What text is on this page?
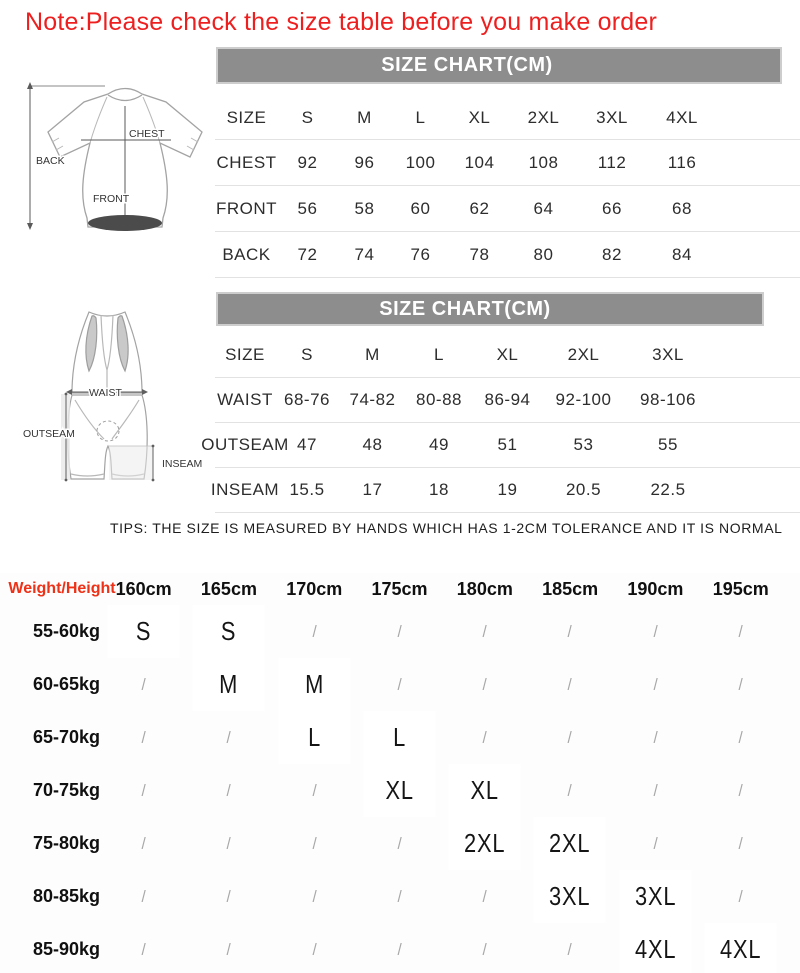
Note:Please check the size table before you make order
BACK
CHEST
FRONT
SIZE CHART(CM)
SIZE	S	M	L	XL	2XL	3XL	4XL
CHEST	92	96	100	104	108	112	116
FRONT	56	58	60	62	64	66	68
BACK	72	74	76	78	80	82	84
WAIST
OUTSEAM
INSEAM
SIZE CHART(CM)
SIZE	S	M	L	XL	2XL	3XL
WAIST 68-76	74-82	80-88	86-94	92-100	98-106
OUTSEAM 47	48	49	51	53	55
INSEAM 15.5	17	18	19	20.5	22.5
TIPS: THE SIZE IS MEASURED BY HANDS WHICH HAS 1-2CM TOLERANCE AND IT IS NORMAL
Weight/Height 160cm	165cm	170cm	175cm	180cm	185cm	190cm	195cm
55-60kg	S	S	/	/	/	/	/	/
60-65kg	/	M	M	/	/	/	/	/
65-70kg	/	/	L	L	/	/	/	/
70-75kg	/	/	/	XL	XL	/	/	/
75-80kg	/	/	/	/	2XL	2XL	/	/
80-85kg	/	/	/	/	/	3XL	3XL	/
85-90kg	/	/	/	/	/	/	4XL	4XL
